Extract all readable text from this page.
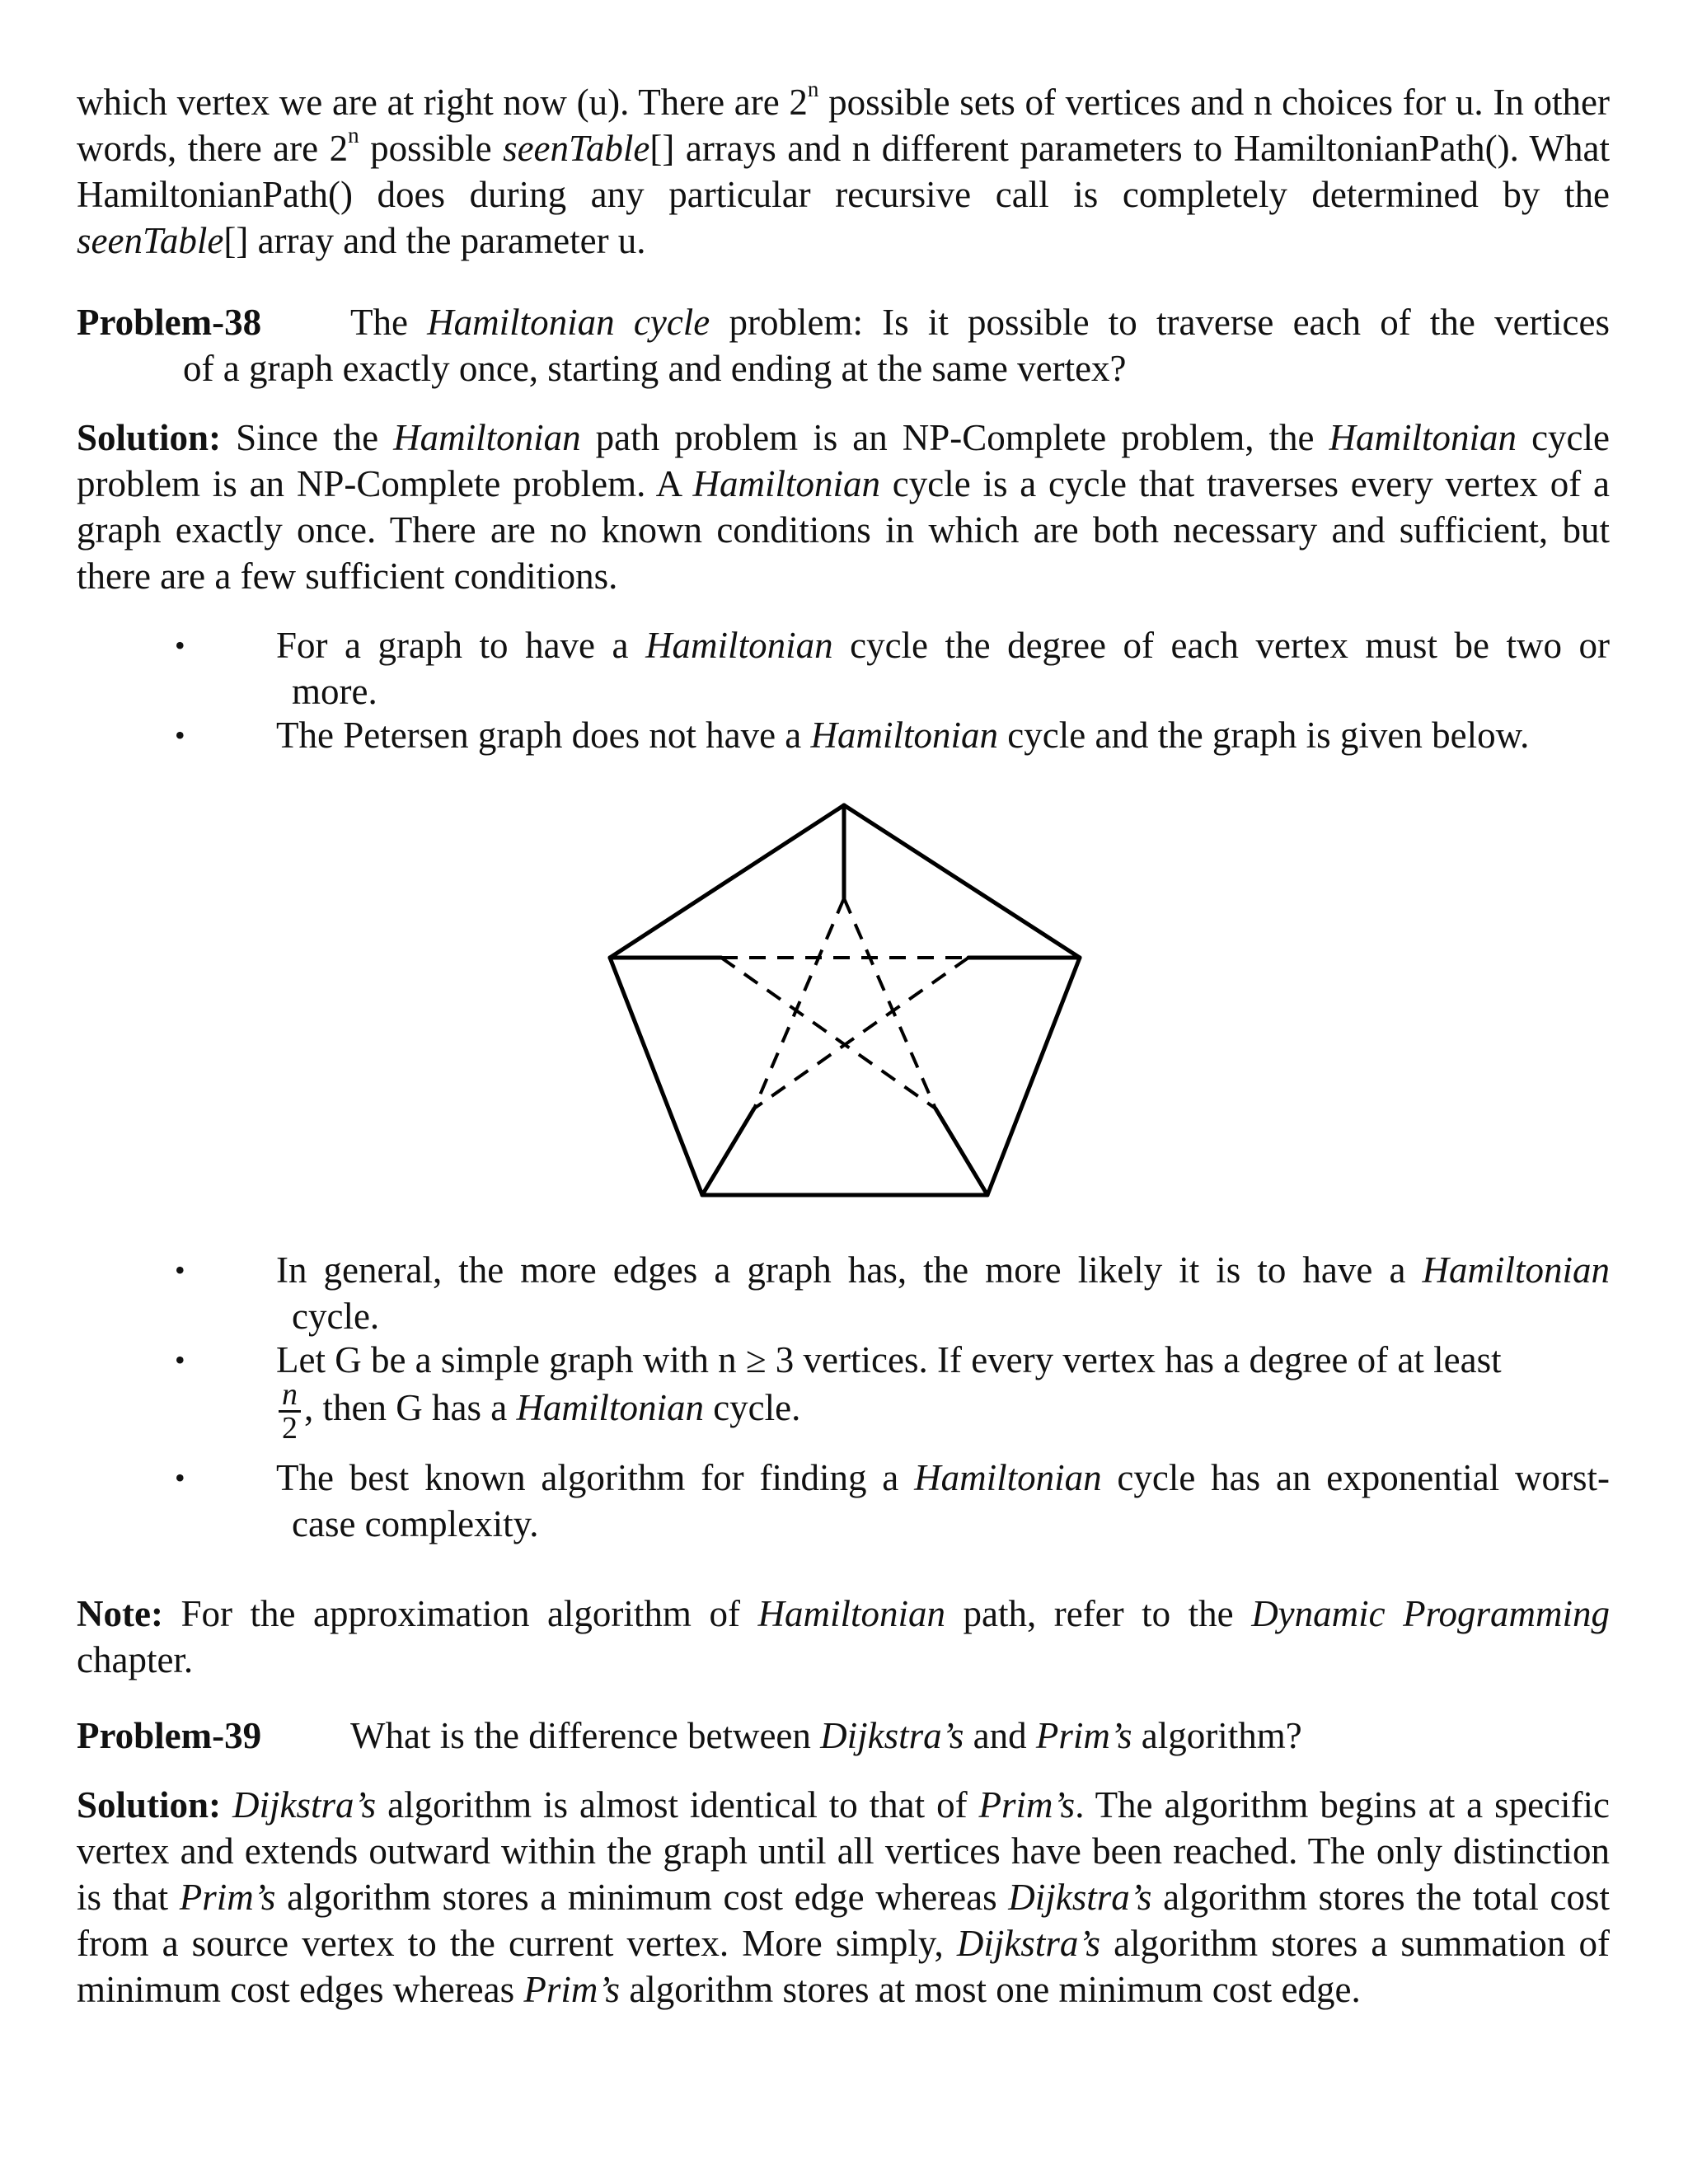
which vertex we are at right now (u). There are 2$^n$ possible sets of vertices and n choices for u. In other words, there are 2$^n$ possible seenTable[] arrays and n different parameters to HamiltonianPath(). What HamiltonianPath() does during any particular recursive call is completely determined by the seenTable[] array and the parameter u.

Problem-38 The Hamiltonian cycle problem: Is it possible to traverse each of the vertices
of a graph exactly once, starting and ending at the same vertex?

Solution: Since the Hamiltonian path problem is an NP-Complete problem, the Hamiltonian cycle problem is an NP-Complete problem. A Hamiltonian cycle is a cycle that traverses every vertex of a graph exactly once. There are no known conditions in which are both necessary and sufficient, but there are a few sufficient conditions.

• For a graph to have a Hamiltonian cycle the degree of each vertex must be two or
more.
• The Petersen graph does not have a Hamiltonian cycle and the graph is given below.
• In general, the more edges a graph has, the more likely it is to have a Hamiltonian
cycle.
• Let G be a simple graph with n ≥ 3 vertices. If every vertex has a degree of at least
$\frac{n}{2}$ , then G has a Hamiltonian cycle.
• The best known algorithm for finding a Hamiltonian cycle has an exponential worst-
case complexity.

Note: For the approximation algorithm of Hamiltonian path, refer to the Dynamic Programming chapter.

Problem-39 What is the difference between Dijkstra’s and Prim’s algorithm?

Solution: Dijkstra’s algorithm is almost identical to that of Prim’s. The algorithm begins at a specific vertex and extends outward within the graph until all vertices have been reached. The only distinction is that Prim’s algorithm stores a minimum cost edge whereas Dijkstra’s algorithm stores the total cost from a source vertex to the current vertex. More simply, Dijkstra’s algorithm stores a summation of minimum cost edges whereas Prim’s algorithm stores at most one minimum cost edge.
